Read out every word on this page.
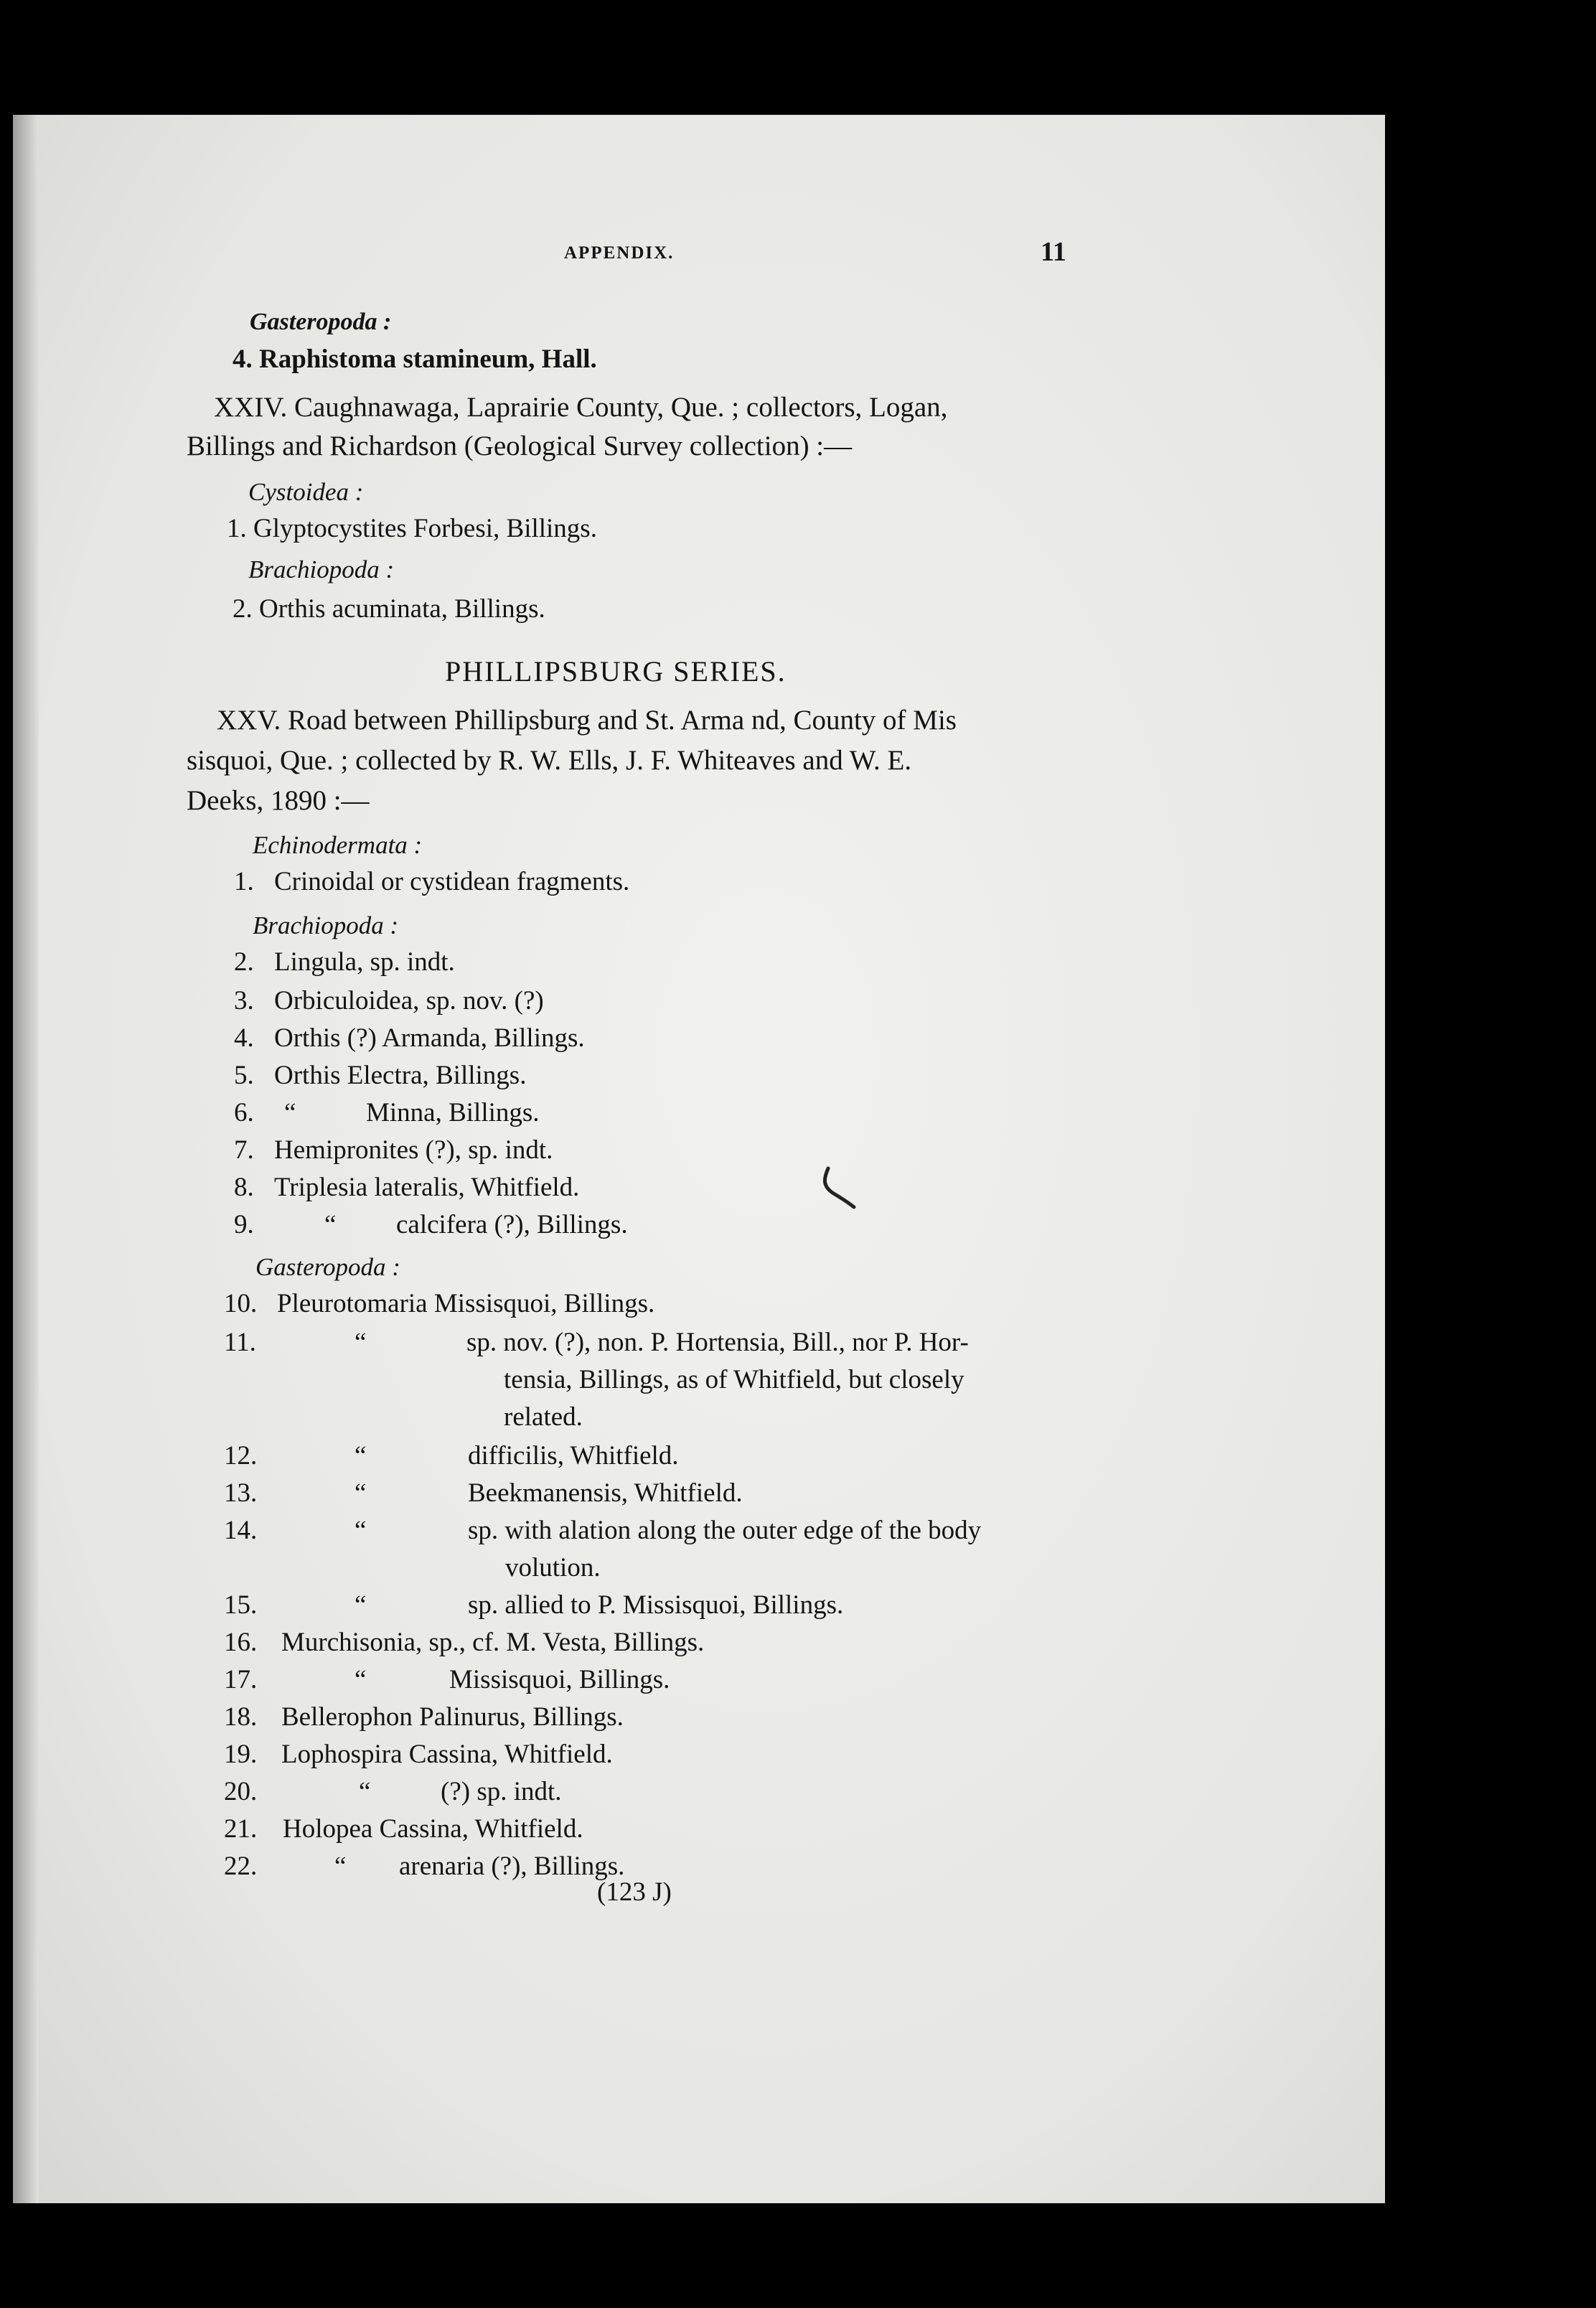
APPENDIX.	11
Gasteropoda :
4. Raphistoma stamineum, Hall.
XXIV. Caughnawaga, Laprairie County, Que. ; collectors, Logan,
Billings and Richardson (Geological Survey collection) :—
Cystoidea :
1. Glyptocystites Forbesi, Billings.
Brachiopoda :
2. Orthis acuminata, Billings.
PHILLIPSBURG SERIES.
XXV. Road between Phillipsburg and St. Arma nd, County of Mis
sisquoi, Que. ; collected by R. W. Ells, J. F. Whiteaves and W. E.
Deeks, 1890 :—
Echinodermata :
1. Crinoidal or cystidean fragments.
Brachiopoda :
2. Lingula, sp. indt.
3. Orbiculoidea, sp. nov. (?)
4. Orthis (?) Armanda, Billings.
5. Orthis Electra, Billings.
6. “	Minna, Billings.
7. Hemipronites (?), sp. indt.
8. Triplesia lateralis, Whitfield.
9.	“ calcifera (?), Billings.
Gasteropoda :
10. Pleurotomaria Missisquoi, Billings.
11.	“	sp. nov. (?), non. P. Hortensia, Bill., nor P. Hor-
tensia, Billings, as of Whitfield, but closely
related.
12.	“	difficilis, Whitfield.
13.	“	Beekmanensis, Whitfield.
14.	“	sp. with alation along the outer edge of the body
volution.
15.	“	sp. allied to P. Missisquoi, Billings.
16. Murchisonia, sp., cf. M. Vesta, Billings.
17.	“	Missisquoi, Billings.
18. Bellerophon Palinurus, Billings.
19. Lophospira Cassina, Whitfield.
20.	“	(?) sp. indt.
21. Holopea Cassina, Whitfield.
22.	“ arenaria (?), Billings.
(123 J)
